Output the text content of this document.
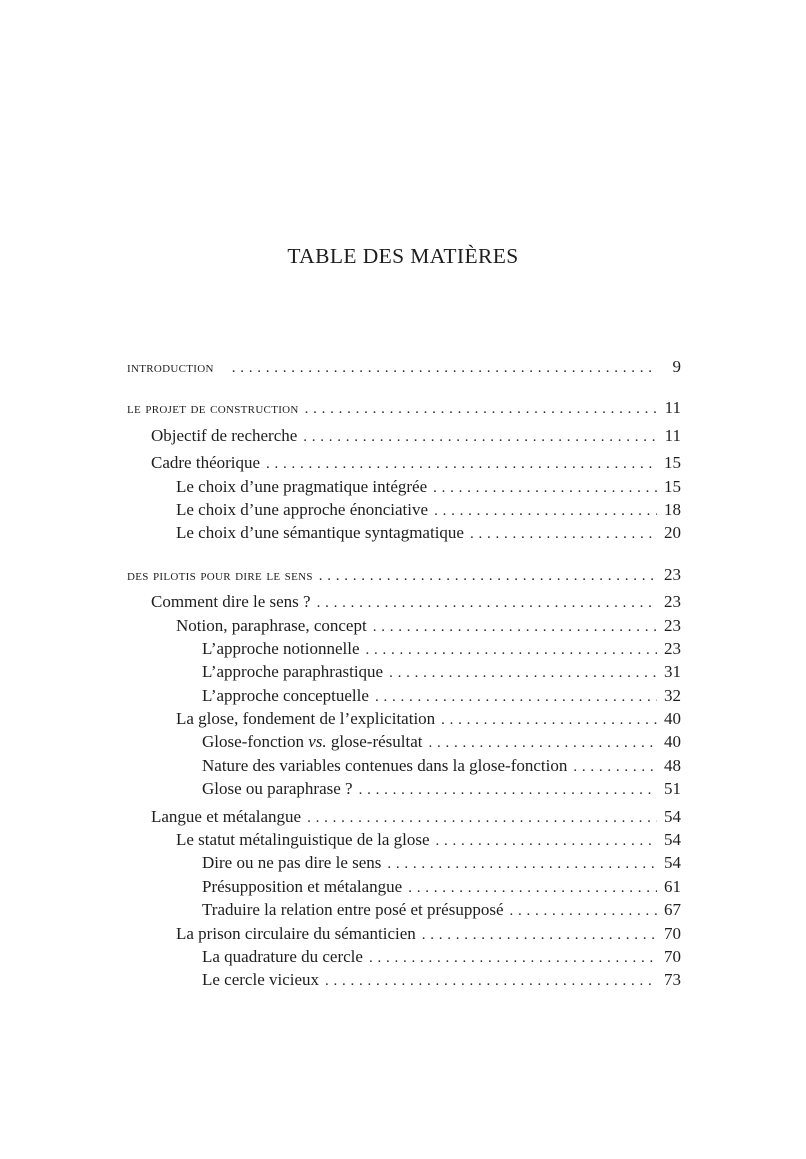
TABLE DES MATIÈRES
introduction . . .	9
le projet de construction . . .	11
Objectif de recherche . . .	11
Cadre théorique . . .	15
Le choix d’une pragmatique intégrée . . .	15
Le choix d’une approche énonciative . . .	18
Le choix d’une sémantique syntagmatique . . .	20
des pilotis pour dire le sens . . .	23
Comment dire le sens ? . . .	23
Notion, paraphrase, concept . . .	23
L’approche notionnelle . . .	23
L’approche paraphrastique . . .	31
L’approche conceptuelle . . .	32
La glose, fondement de l’explicitation . . .	40
Glose-fonction vs. glose-résultat . . .	40
Nature des variables contenues dans la glose-fonction . . .	48
Glose ou paraphrase ? . . .	51
Langue et métalangue . . .	54
Le statut métalinguistique de la glose . . .	54
Dire ou ne pas dire le sens . . .	54
Présupposition et métalangue . . .	61
Traduire la relation entre posé et présupposé . . .	67
La prison circulaire du sémanticien . . .	70
La quadrature du cercle . . .	70
Le cercle vicieux . . .	73
